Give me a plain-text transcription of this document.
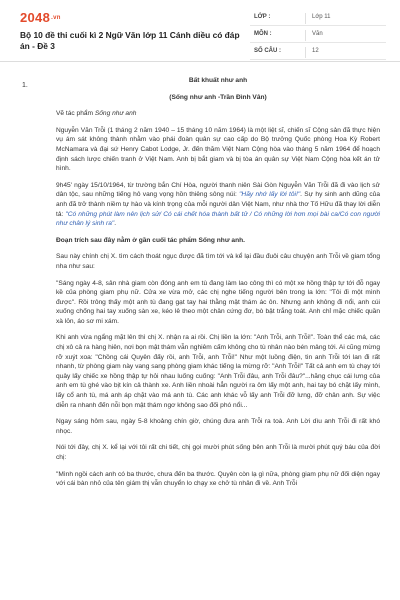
$2048^{.vn}$
Bộ 10 đề thi cuối kì 2 Ngữ Văn lớp 11 Cánh diều có đáp án - Đề 3
LỚP :	Lớp 11
MÔN :	Văn
SỐ CÂU :	12
1.

Bất khuất như anh

(Sống như anh -Trần Đình Vân)

Vẽ tác phẩm Sống như anh

Nguyễn Văn Trỗi (1 tháng 2 năm 1940 – 15 tháng 10 năm 1964) là một liệt sĩ, chiến sĩ Cộng sản đã thực hiện vụ ám sát không thành nhằm vào phái đoàn quân sự cao cấp do Bộ trưởng Quốc phòng Hoa Kỳ Robert McNamara và đại sứ Henry Cabot Lodge, Jr. đến thăm Việt Nam Cộng hòa vào tháng 5 năm 1964 để hoạch định sách lược chiến tranh ở Việt Nam. Anh bị bắt giam và bị tòa án quân sự Việt Nam Cộng hòa kết án tử hình.

9h45' ngày 15/10/1964, từ trường bắn Chí Hòa, người thanh niên Sài Gòn Nguyễn Văn Trỗi đã đi vào lịch sử dân tộc, sau những tiếng hô vang vọng hồn thiêng sông núi: "Hãy nhớ lấy lời tôi!". Sự hy sinh anh dũng của anh đã trở thành niềm tự hào và kính trọng của mỗi người dân Việt Nam, như nhà thơ Tố Hữu đã thay lời diễn tả: "Có những phút làm nên lịch sử/ Có cái chết hóa thành bất tử / Có những lời hơn mọi bài ca/Có con người như chân lý sinh ra".

Đoạn trích sau đây nằm ở gần cuối tác phẩm Sống như anh.

Sau này chính chị X. tìm cách thoát ngục được đã tìm tới và kể lại đầu đuôi câu chuyện anh Trỗi về giam tổng nha như sau:

"Sáng ngày 4-8, sân nhà giam còn đóng anh em tù đang làm lao công thì có một xe hồng thập tự tới đỗ ngay kề của phòng giam phụ nữ. Cửa xe vừa mở, các chị nghe tiếng người bên trong la lớn: "Tôi đi một mình được". Rồi trông thấy một anh tù đang gạt tay hai thằng mật thám ác ôn. Nhưng anh không đi nổi, anh cúi xuống chống hai tay xuống sàn xe, kéo lê theo một chân cứng đơ, bò bật trắng toát. Anh chỉ mặc chiếc quần xà lỏn, áo sơ mi xám.

Khi anh vừa ngẩng mặt lên thì chị X. nhận ra ai rồi. Chị liền la lớn: "Anh Trỗi, anh Trỗi!". Toàn thể các má, các chị xô cả ra hàng hiên, nơi bọn mật thám vẫn nghiêm cấm không cho tù nhân nào bén mảng tới. Ai cũng mừng rỡ xuýt xoa: "Chồng cái Quyên đấy rồi, anh Trỗi, anh Trỗi!" Như một luồng điện, tin anh Trỗi tới lan đi rất nhanh, từ phòng giam này vang sang phòng giam khác tiếng la mừng rỡ: "Anh Trỗi!" Tất cả anh em tù chạy tới quây lấy chiếc xe hồng thập tự hỏi nhau luống cuống: "Anh Trỗi đâu, anh Trỗi đâu?"...hăng chục cái lưng của anh em tù ghé vào bịt kín cả thành xe. Anh liền nhoài hẳn người ra ôm lấy một anh, hai tay bó chặt lấy mình, lấy cổ anh tù, má anh áp chặt vào má anh tù. Các anh khác vỗ lấy anh Trỗi đỡ lưng, đỡ chân anh. Sự việc diễn ra nhanh đến nỗi bọn mật thám ngơ không sao đối phó nổi...

Ngay sáng hôm sau, ngày 5-8 khoảng chín giờ, chúng đưa anh Trỗi ra toà. Anh Lời dìu anh Trỗi đi rất khó nhọc.

Nói tới đây, chị X. kể lại với tôi rất chi tiết, chị gọi mười phút sống bên anh Trỗi là mười phút quý báu của đời chị:

"Mình ngồi cách anh có ba thước, chưa đến ba thước. Quyên còn lạ gì nữa, phòng giam phụ nữ đối diện ngay với cái bàn nhỏ của tên giám thị vẫn chuyển lo chạy xe chở tù nhân đi về. Anh Trỗi
